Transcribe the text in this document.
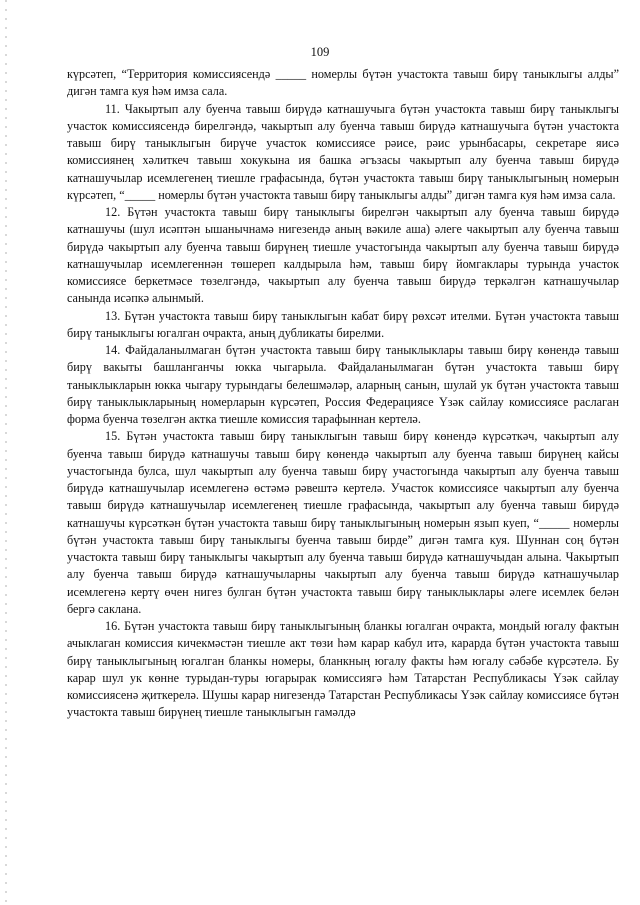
109

күрсәтеп, “Территория комиссиясендә _____ номерлы бүтән участокта тавыш бирү таныклыгы алды” дигән тамга куя һәм имза сала.

11. Чакыртып алу буенча тавыш бирүдә катнашучыга бүтән участокта тавыш бирү таныклыгы участок комиссиясендә бирелгәндә, чакыртып алу буенча тавыш бирүдә катнашучыга бүтән участокта тавыш бирү таныклыгын бирүче участок комиссиясе рәисе, рәис урынбасары, секретаре яисә комиссиянең хәлиткеч тавыш хокукына ия башка әгъзасы чакыртып алу буенча тавыш бирүдә катнашучылар исемлегенең тиешле графасында, бүтән участокта тавыш бирү таныклыгының номерын күрсәтеп, “_____ номерлы бүтән участокта тавыш бирү таныклыгы алды” дигән тамга куя һәм имза сала.

12. Бүтән участокта тавыш бирү таныклыгы бирелгән чакыртып алу буенча тавыш бирүдә катнашучы (шул исәптән ышанычнамә нигезендә аның вәкиле аша) әлеге чакыртып алу буенча тавыш бирүдә чакыртып алу буенча тавыш бирүнең тиешле участогында чакыртып алу буенча тавыш бирүдә катнашучылар исемлегеннән төшереп калдырыла һәм, тавыш бирү йомгаклары турында участок комиссиясе беркетмәсе төзелгәндә, чакыртып алу буенча тавыш бирүдә теркәлгән катнашучылар санында исәпкә алынмый.

13. Бүтән участокта тавыш бирү таныклыгын кабат бирү рөхсәт ителми. Бүтән участокта тавыш бирү таныклыгы югалган очракта, аның дубликаты бирелми.

14. Файдаланылмаган бүтән участокта тавыш бирү таныклыклары тавыш бирү көнендә тавыш бирү вакыты башланганчы юкка чыгарыла. Файдаланылмаган бүтән участокта тавыш бирү таныклыкларын юкка чыгару турындагы белешмәләр, аларның санын, шулай ук бүтән участокта тавыш бирү таныклыкларының номерларын күрсәтеп, Россия Федерациясе Үзәк сайлау комиссиясе раслаган форма буенча төзелгән актка тиешле комиссия тарафыннан кертелә.

15. Бүтән участокта тавыш бирү таныклыгын тавыш бирү көнендә күрсәткәч, чакыртып алу буенча тавыш бирүдә катнашучы тавыш бирү көнендә чакыртып алу буенча тавыш бирүнең кайсы участогында булса, шул чакыртып алу буенча тавыш бирү участогында чакыртып алу буенча тавыш бирүдә катнашучылар исемлегенә өстәмә рәвештә кертелә. Участок комиссиясе чакыртып алу буенча тавыш бирүдә катнашучылар исемлегенең тиешле графасында, чакыртып алу буенча тавыш бирүдә катнашучы күрсәткән бүтән участокта тавыш бирү таныклыгының номерын язып куеп, “_____ номерлы бүтән участокта тавыш бирү таныклыгы буенча тавыш бирде” дигән тамга куя. Шуннан соң бүтән участокта тавыш бирү таныклыгы чакыртып алу буенча тавыш бирүдә катнашучыдан алына. Чакыртып алу буенча тавыш бирүдә катнашучыларны чакыртып алу буенча тавыш бирүдә катнашучылар исемлегенә кертү өчен нигез булган бүтән участокта тавыш бирү таныклыклары әлеге исемлек белән бергә саклана.

16. Бүтән участокта тавыш бирү таныклыгының бланкы югалган очракта, мондый югалу фактын ачыклаган комиссия кичекмәстән тиешле акт төзи һәм карар кабул итә, карарда бүтән участокта тавыш бирү таныклыгының югалган бланкы номеры, бланкның югалу факты һәм югалу сәбәбе күрсәтелә. Бу карар шул ук көнне турыдан-туры югарырак комиссиягә һәм Татарстан Республикасы Үзәк сайлау комиссиясенә җиткерелә. Шушы карар нигезендә Татарстан Республикасы Үзәк сайлау комиссиясе бүтән участокта тавыш бирүнең тиешле таныклыгын гамәлдә
